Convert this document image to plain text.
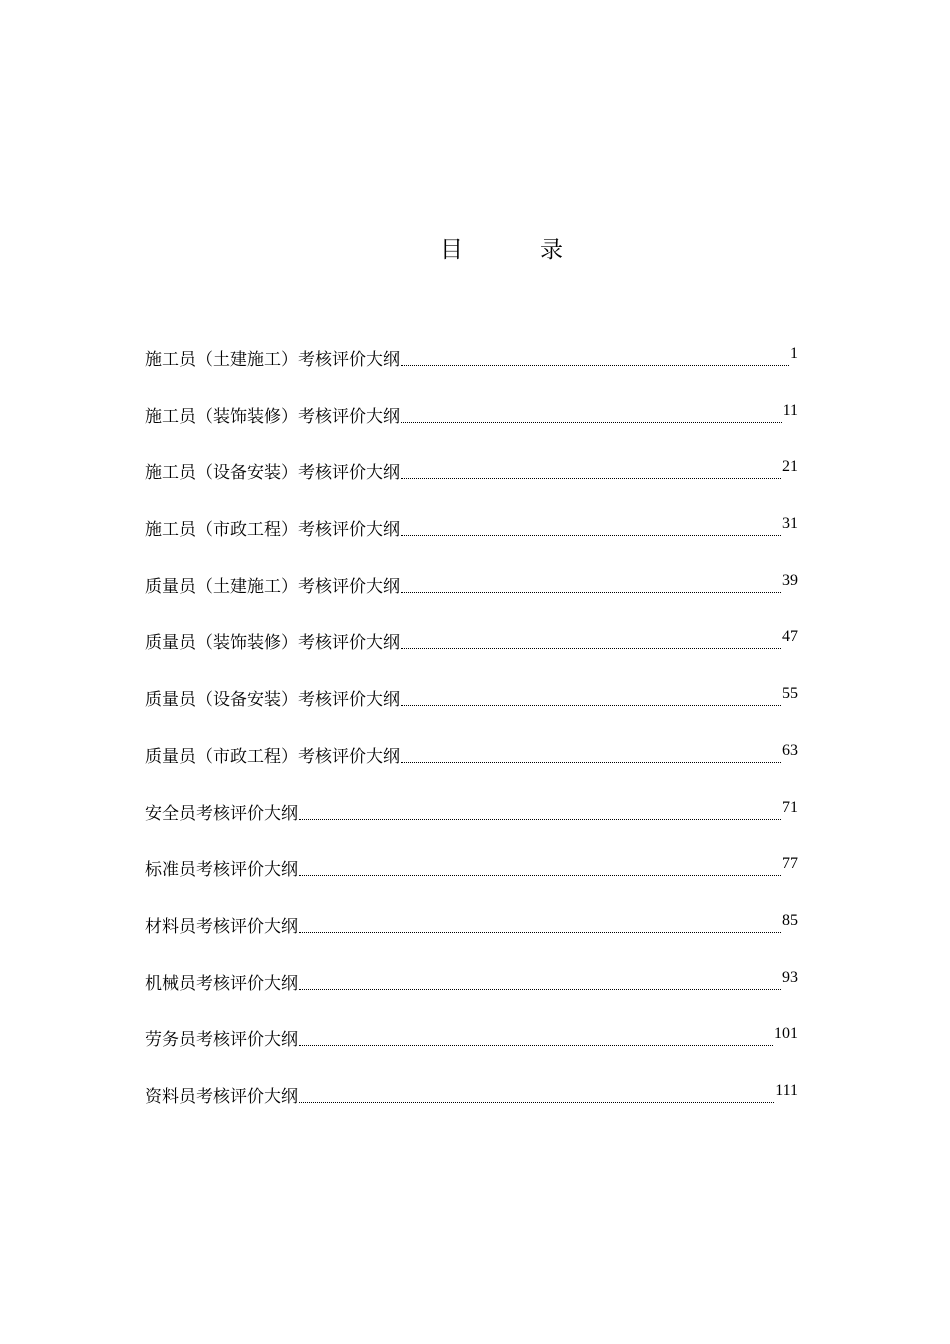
目	录
施工员（土建施工）考核评价大纲	1
施工员（装饰装修）考核评价大纲	11
施工员（设备安装）考核评价大纲	21
施工员（市政工程）考核评价大纲	31
质量员（土建施工）考核评价大纲	39
质量员（装饰装修）考核评价大纲	47
质量员（设备安装）考核评价大纲	55
质量员（市政工程）考核评价大纲	63
安全员考核评价大纲	71
标准员考核评价大纲	77
材料员考核评价大纲	85
机械员考核评价大纲	93
劳务员考核评价大纲	101
资料员考核评价大纲	111
